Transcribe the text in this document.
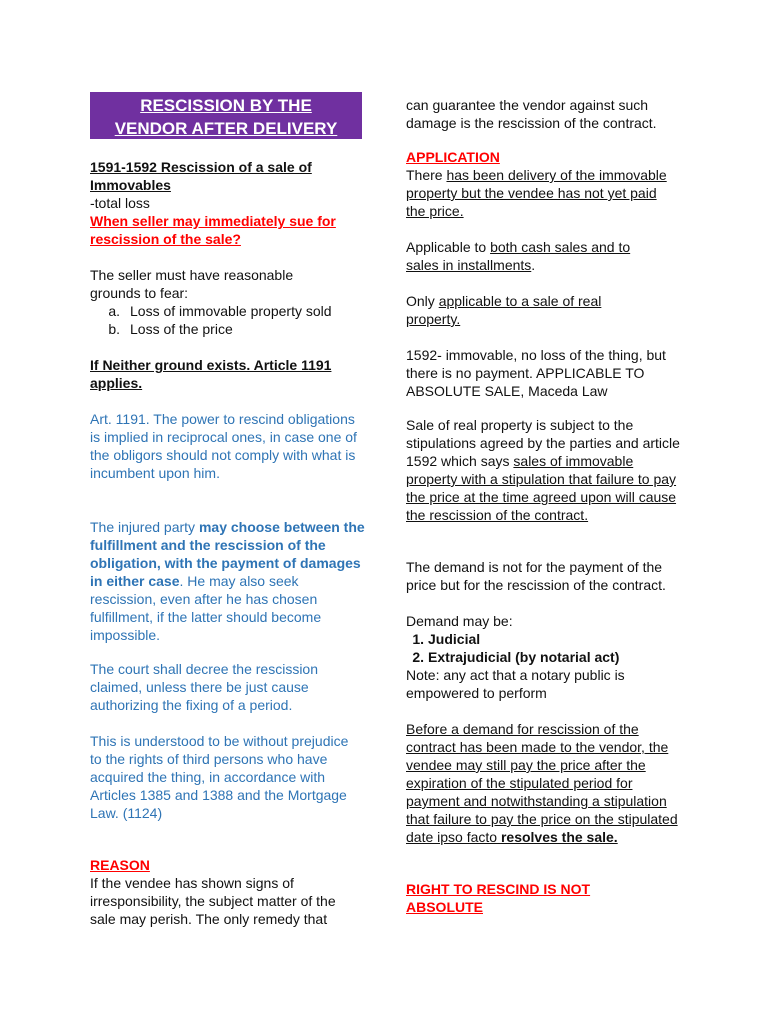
RESCISSION BY THE
VENDOR AFTER DELIVERY

1591-1592 Rescission of a sale of Immovables

-total loss

When seller may immediately sue for rescission of the sale?

The seller must have reasonable grounds to fear:

a. Loss of immovable property sold
b. Loss of the price

If Neither ground exists. Article 1191 applies.

Art. 1191. The power to rescind obligations is implied in reciprocal ones, in case one of the obligors should not comply with what is incumbent upon him.

The injured party may choose between the fulfillment and the rescission of the obligation, with the payment of damages in either case. He may also seek rescission, even after he has chosen fulfillment, if the latter should become impossible.

The court shall decree the rescission claimed, unless there be just cause authorizing the fixing of a period.

This is understood to be without prejudice to the rights of third persons who have acquired the thing, in accordance with Articles 1385 and 1388 and the Mortgage Law. (1124)

REASON

If the vendee has shown signs of irresponsibility, the subject matter of the sale may perish. The only remedy that

can guarantee the vendor against such damage is the rescission of the contract.

APPLICATION

There has been delivery of the immovable property but the vendee has not yet paid the price.

Applicable to both cash sales and to sales in installments.

Only applicable to a sale of real property.

1592- immovable, no loss of the thing, but there is no payment. APPLICABLE TO ABSOLUTE SALE, Maceda Law

Sale of real property is subject to the stipulations agreed by the parties and article 1592 which says sales of immovable property with a stipulation that failure to pay the price at the time agreed upon will cause the rescission of the contract.

The demand is not for the payment of the price but for the rescission of the contract.

Demand may be:

1. Judicial
2. Extrajudicial (by notarial act)

Note: any act that a notary public is empowered to perform

Before a demand for rescission of the contract has been made to the vendor, the vendee may still pay the price after the expiration of the stipulated period for payment and notwithstanding a stipulation that failure to pay the price on the stipulated date ipso facto resolves the sale.

RIGHT TO RESCIND IS NOT ABSOLUTE
